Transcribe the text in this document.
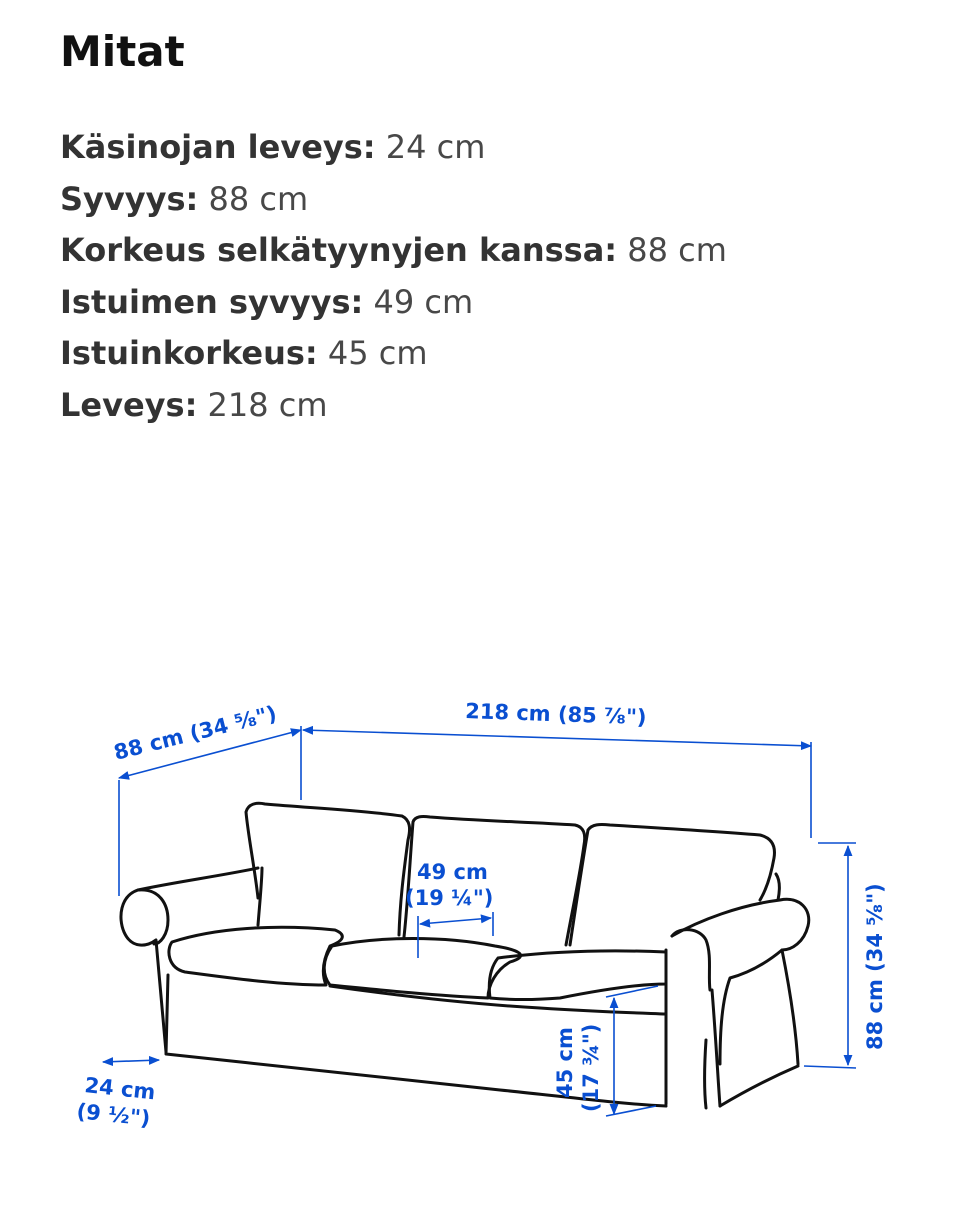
Mitat
Käsinojan leveys: 24 cm
Syvyys: 88 cm
Korkeus selkätyynyjen kanssa: 88 cm
Istuimen syvyys: 49 cm
Istuinkorkeus: 45 cm
Leveys: 218 cm
88 cm (34 ⁵⁄₈")	218 cm (85 ⁷⁄₈")
88 cm (34 ⁵⁄₈")
49 cm
(19 ¼")
45 cm (17 ¾")
24 cm
(9 ½")
